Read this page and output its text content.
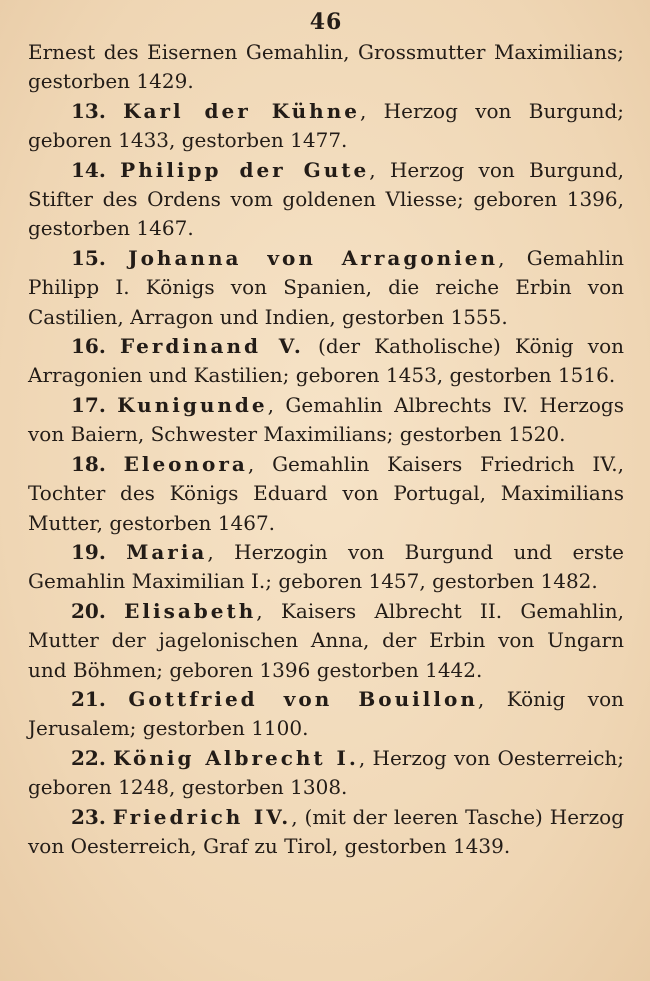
46

Ernest des Eisernen Gemahlin, Grossmutter Maximilians; gestorben 1429.

13. Karl der Kühne, Herzog von Burgund; geboren 1433, gestorben 1477.

14. Philipp der Gute, Herzog von Burgund, Stifter des Ordens vom goldenen Vliesse; geboren 1396, gestorben 1467.

15. Johanna von Arragonien, Gemahlin Philipp I. Königs von Spanien, die reiche Erbin von Castilien, Arragon und Indien, gestorben 1555.

16. Ferdinand V. (der Katholische) König von Arragonien und Kastilien; geboren 1453, gestorben 1516.

17. Kunigunde, Gemahlin Albrechts IV. Herzogs von Baiern, Schwester Maximilians; gestorben 1520.

18. Eleonora, Gemahlin Kaisers Friedrich IV., Tochter des Königs Eduard von Portugal, Maximilians Mutter, gestorben 1467.

19. Maria, Herzogin von Burgund und erste Gemahlin Maximilian I.; geboren 1457, gestorben 1482.

20. Elisabeth, Kaisers Albrecht II. Gemahlin, Mutter der jagelonischen Anna, der Erbin von Ungarn und Böhmen; geboren 1396 gestorben 1442.

21. Gottfried von Bouillon, König von Jerusalem; gestorben 1100.

22. König Albrecht I., Herzog von Oesterreich; geboren 1248, gestorben 1308.

23. Friedrich IV., (mit der leeren Tasche) Herzog von Oesterreich, Graf zu Tirol, gestorben 1439.
